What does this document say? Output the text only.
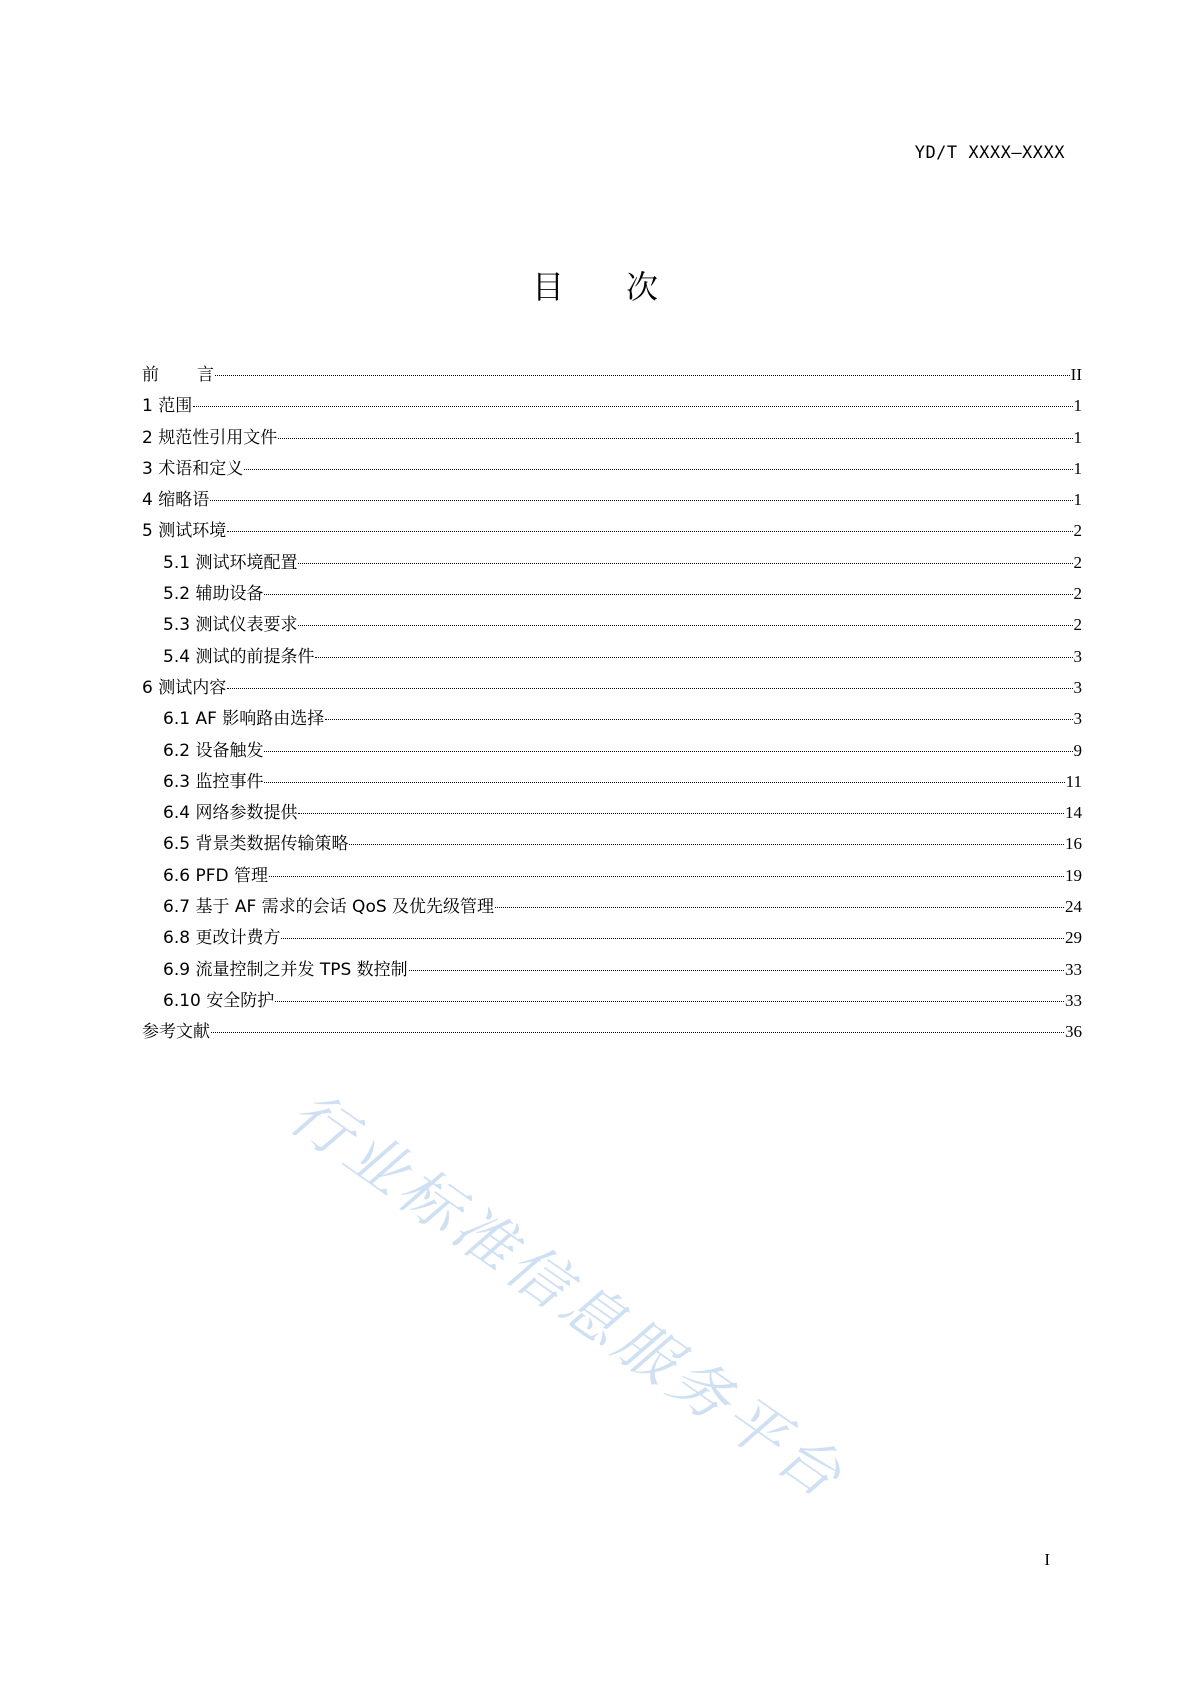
YD/T XXXX—XXXX
目 次
前 言	II
1 范围	1
2 规范性引用文件	1
3 术语和定义	1
4 缩略语	1
5 测试环境	2
5.1 测试环境配置	2
5.2 辅助设备	2
5.3 测试仪表要求	2
5.4 测试的前提条件	3
6 测试内容	3
6.1 AF 影响路由选择	3
6.2 设备触发	9
6.3 监控事件	11
6.4 网络参数提供	14
6.5 背景类数据传输策略	16
6.6 PFD 管理	19
6.7 基于 AF 需求的会话 QoS 及优先级管理	24
6.8 更改计费方	29
6.9 流量控制之并发 TPS 数控制	33
6.10 安全防护	33
参考文献	36
行业标准信息服务平台
I
